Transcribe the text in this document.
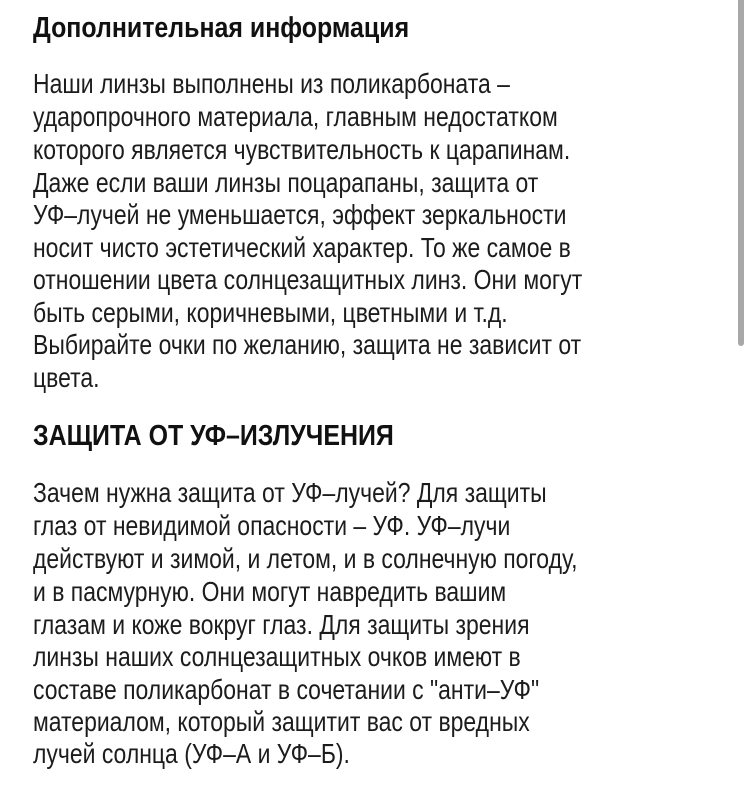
Дополнительная информация
Наши линзы выполнены из поликарбоната –
ударопрочного материала, главным недостатком
которого является чувствительность к царапинам.
Даже если ваши линзы поцарапаны, защита от
УФ–лучей не уменьшается, эффект зеркальности
носит чисто эстетический характер. То же самое в
отношении цвета солнцезащитных линз. Они могут
быть серыми, коричневыми, цветными и т.д.
Выбирайте очки по желанию, защита не зависит от
цвета.
ЗАЩИТА ОТ УФ–ИЗЛУЧЕНИЯ
Зачем нужна защита от УФ–лучей? Для защиты
глаз от невидимой опасности – УФ. УФ–лучи
действуют и зимой, и летом, и в солнечную погоду,
и в пасмурную. Они могут навредить вашим
глазам и коже вокруг глаз. Для защиты зрения
линзы наших солнцезащитных очков имеют в
составе поликарбонат в сочетании с "анти–УФ"
материалом, который защитит вас от вредных
лучей солнца (УФ–А и УФ–Б).
